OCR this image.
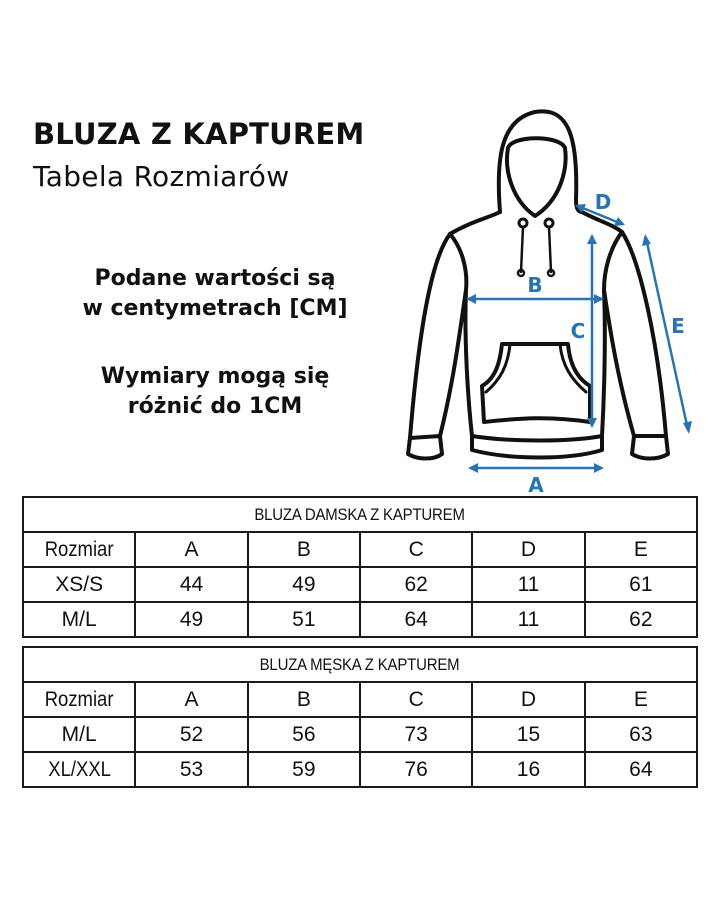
BLUZA Z KAPTUREM
Tabela Rozmiarów
Podane wartości są
w centymetrach [CM]
Wymiary mogą się
różnić do 1CM
B
C
A
D
E
BLUZA DAMSKA Z KAPTUREM					
Rozmiar	A	B	C	D	E
XS/S	44	49	62	11	61
M/L	49	51	64	11	62
BLUZA MĘSKA Z KAPTUREM					
Rozmiar	A	B	C	D	E
M/L	52	56	73	15	63
XL/XXL	53	59	76	16	64
